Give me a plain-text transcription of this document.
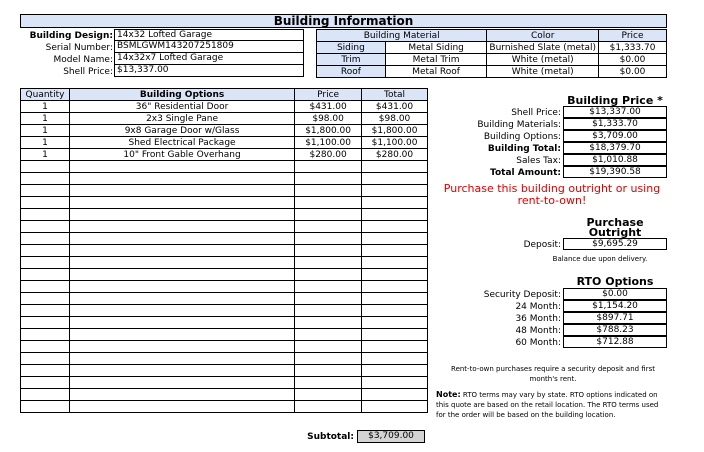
Building Information
Building Design: 14x32 Lofted Garage
Serial Number: BSMLGWM143207251809
Model Name: 14x32x7 Lofted Garage
Shell Price: $13,337.00
Building Material		Color	Price
Siding	Metal Siding	Burnished Slate (metal)	$1,333.70
Trim	Metal Trim	White (metal)	$0.00
Roof	Metal Roof	White (metal)	$0.00
Quantity	Building Options	Price	Total
1	36" Residential Door	$431.00	$431.00
1	2x3 Single Pane	$98.00	$98.00
1	9x8 Garage Door w/Glass	$1,800.00	$1,800.00
1	Shed Electrical Package	$1,100.00	$1,100.00
1	10" Front Gable Overhang	$280.00	$280.00

Subtotal:	$3,709.00
Building Price *
Shell Price:	$13,337.00
Building Materials:	$1,333.70
Building Options:	$3,709.00
Building Total:	$18,379.70
Sales Tax:	$1,010.88
Total Amount:	$19,390.58
Purchase this building outright or using rent-to-own!
Purchase
Outright
Deposit:	$9,695.29
Balance due upon delivery.
RTO Options
Security Deposit:	$0.00
24 Month:	$1,154.20
36 Month:	$897.71
48 Month:	$788.23
60 Month:	$712.88
Rent-to-own purchases require a security deposit and first month's rent.
Note: RTO terms may vary by state. RTO options indicated on this quote are based on the retail location. The RTO terms used for the order will be based on the building location.
